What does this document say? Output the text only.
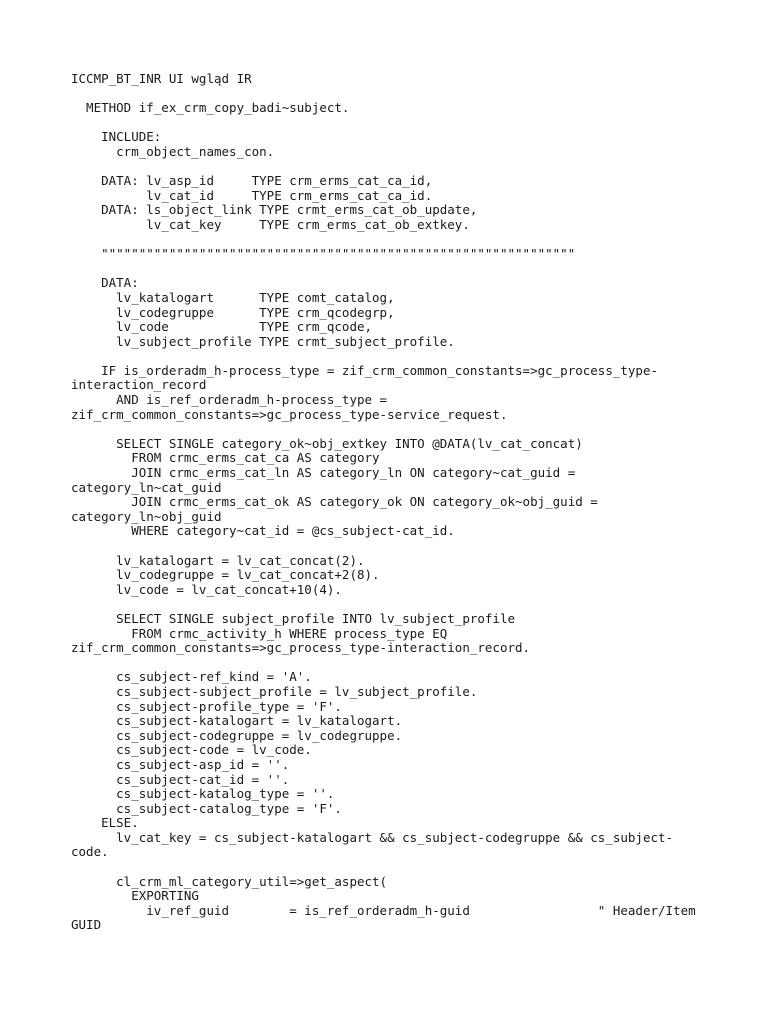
ICCMP_BT_INR UI wgląd IR
METHOD if_ex_crm_copy_badi~subject.
INCLUDE:
crm_object_names_con.
DATA: lv_asp_id     TYPE crm_erms_cat_ca_id,
lv_cat_id     TYPE crm_erms_cat_ca_id.
DATA: ls_object_link TYPE crmt_erms_cat_ob_update,
lv_cat_key     TYPE crm_erms_cat_ob_extkey.
"""""""""""""""""""""""""""""""""""""""""""""""""""""""""""""""
DATA:
lv_katalogart      TYPE comt_catalog,
lv_codegruppe      TYPE crm_qcodegrp,
lv_code            TYPE crm_qcode,
lv_subject_profile TYPE crmt_subject_profile.
IF is_orderadm_h-process_type = zif_crm_common_constants=>gc_process_type-
interaction_record
AND is_ref_orderadm_h-process_type =
zif_crm_common_constants=>gc_process_type-service_request.
SELECT SINGLE category_ok~obj_extkey INTO @DATA(lv_cat_concat)
FROM crmc_erms_cat_ca AS category
JOIN crmc_erms_cat_ln AS category_ln ON category~cat_guid =
category_ln~cat_guid
JOIN crmc_erms_cat_ok AS category_ok ON category_ok~obj_guid =
category_ln~obj_guid
WHERE category~cat_id = @cs_subject-cat_id.
lv_katalogart = lv_cat_concat(2).
lv_codegruppe = lv_cat_concat+2(8).
lv_code = lv_cat_concat+10(4).
SELECT SINGLE subject_profile INTO lv_subject_profile
FROM crmc_activity_h WHERE process_type EQ
zif_crm_common_constants=>gc_process_type-interaction_record.
cs_subject-ref_kind = 'A'.
cs_subject-subject_profile = lv_subject_profile.
cs_subject-profile_type = 'F'.
cs_subject-katalogart = lv_katalogart.
cs_subject-codegruppe = lv_codegruppe.
cs_subject-code = lv_code.
cs_subject-asp_id = ''.
cs_subject-cat_id = ''.
cs_subject-katalog_type = ''.
cs_subject-catalog_type = 'F'.
ELSE.
lv_cat_key = cs_subject-katalogart && cs_subject-codegruppe && cs_subject-
code.
cl_crm_ml_category_util=>get_aspect(
EXPORTING
iv_ref_guid        = is_ref_orderadm_h-guid                 " Header/Item
GUID
